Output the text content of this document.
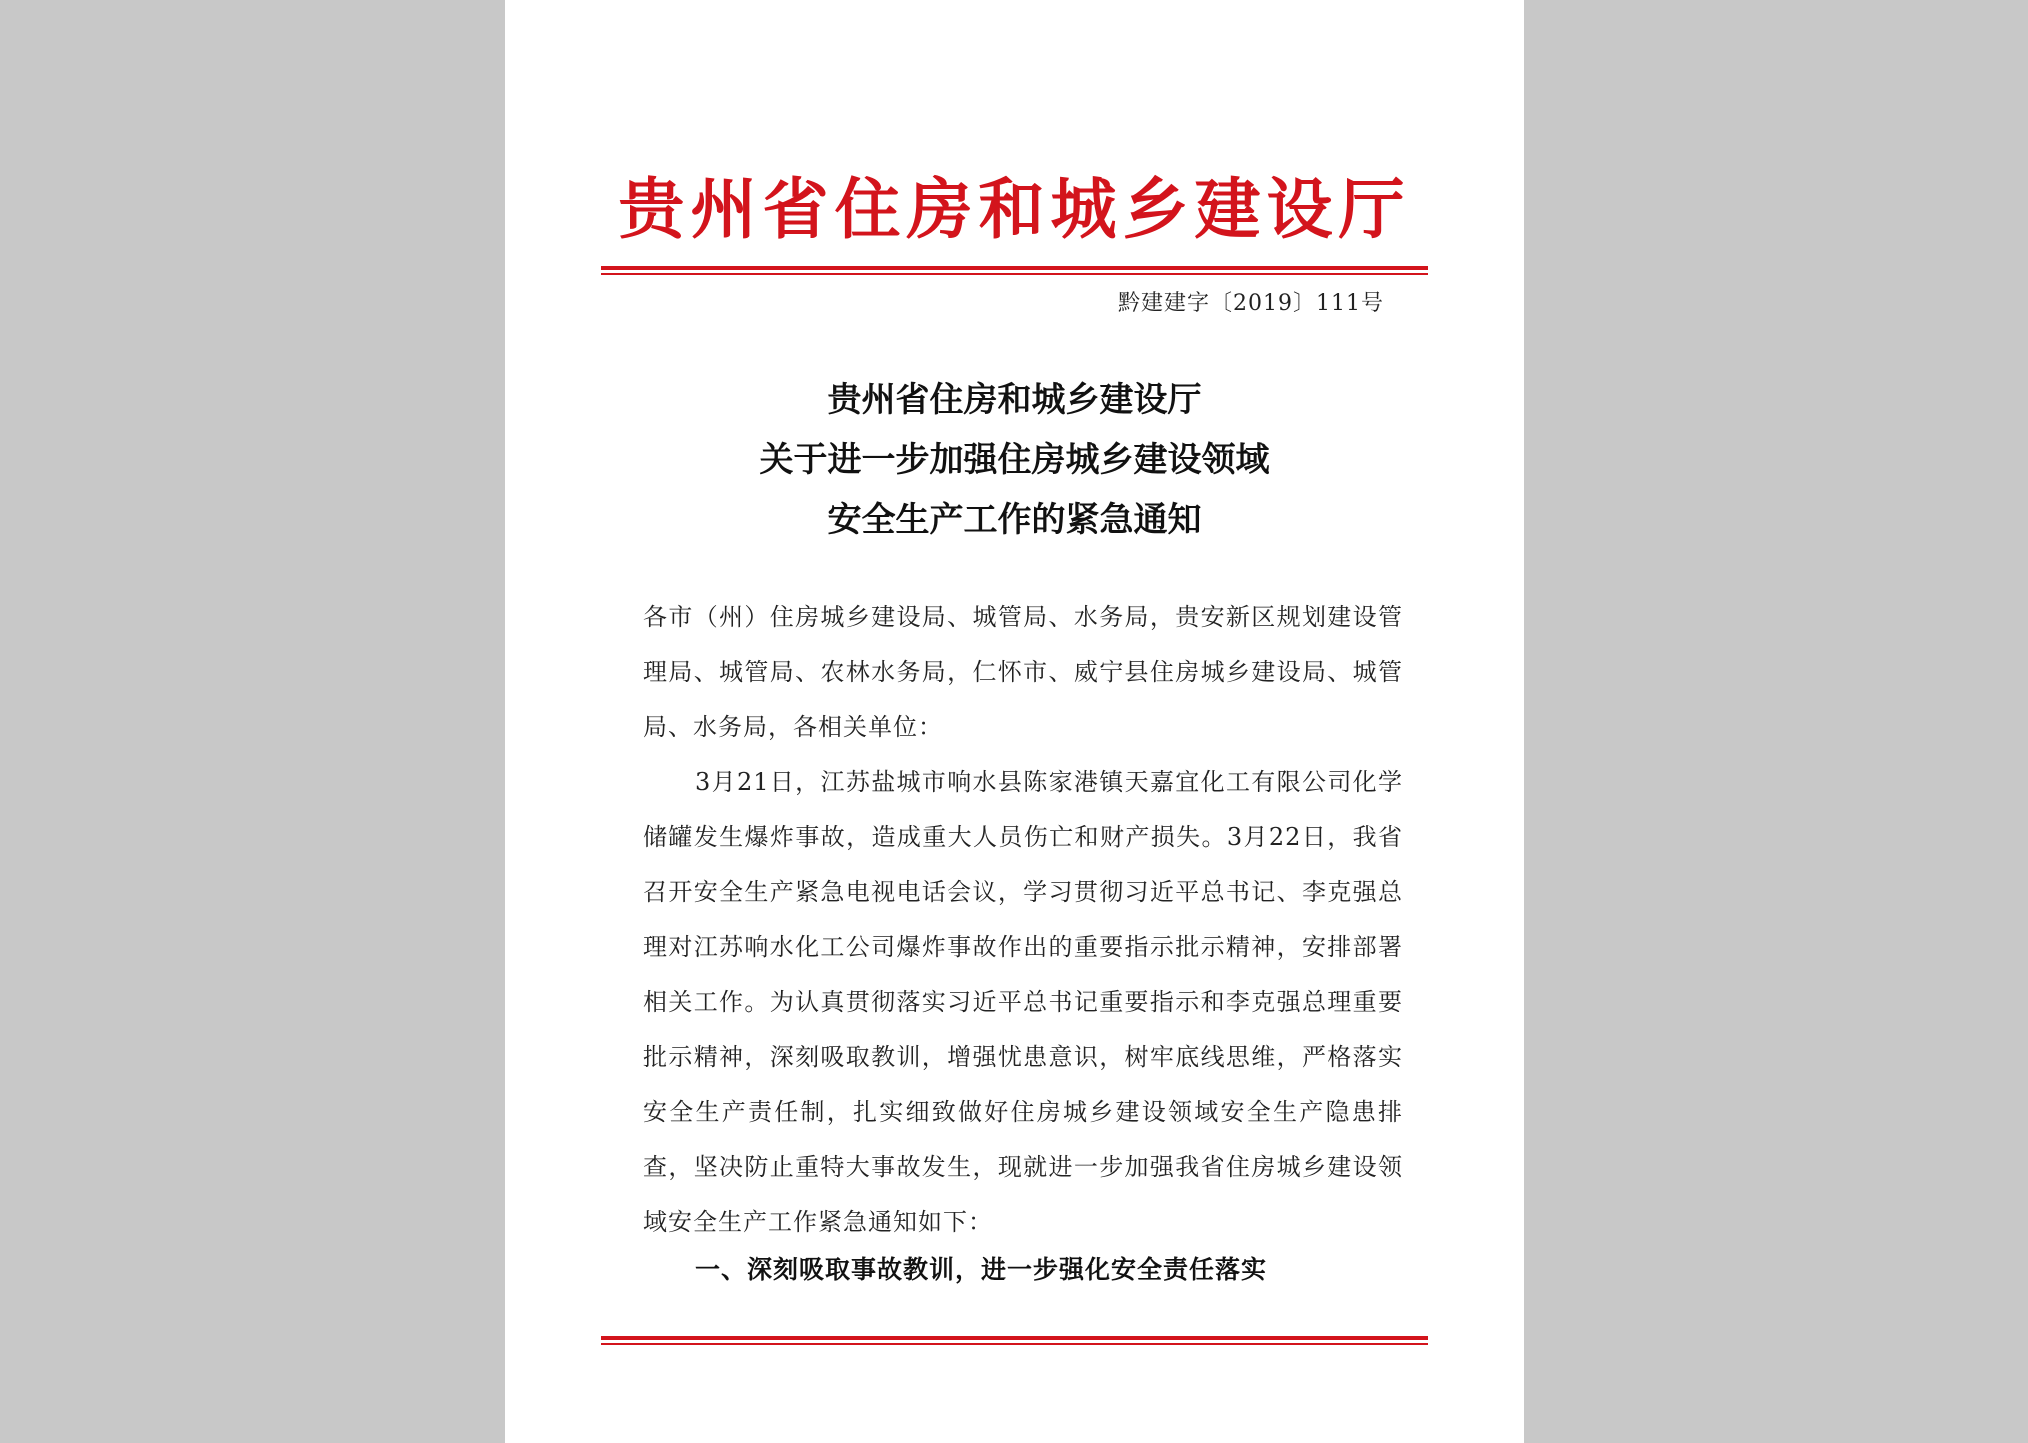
贵州省住房和城乡建设厅
黔建建字〔2019〕111号
贵州省住房和城乡建设厅
关于进一步加强住房城乡建设领域
安全生产工作的紧急通知

各市（州）住房城乡建设局、城管局、水务局，贵安新区规划建设管理局、城管局、农林水务局，仁怀市、威宁县住房城乡建设局、城管局、水务局，各相关单位：

3月21日，江苏盐城市响水县陈家港镇天嘉宜化工有限公司化学储罐发生爆炸事故，造成重大人员伤亡和财产损失。3月22日，我省召开安全生产紧急电视电话会议，学习贯彻习近平总书记、李克强总理对江苏响水化工公司爆炸事故作出的重要指示批示精神，安排部署相关工作。为认真贯彻落实习近平总书记重要指示和李克强总理重要批示精神，深刻吸取教训，增强忧患意识，树牢底线思维，严格落实安全生产责任制，扎实细致做好住房城乡建设领域安全生产隐患排查，坚决防止重特大事故发生，现就进一步加强我省住房城乡建设领域安全生产工作紧急通知如下：

一、深刻吸取事故教训，进一步强化安全责任落实
